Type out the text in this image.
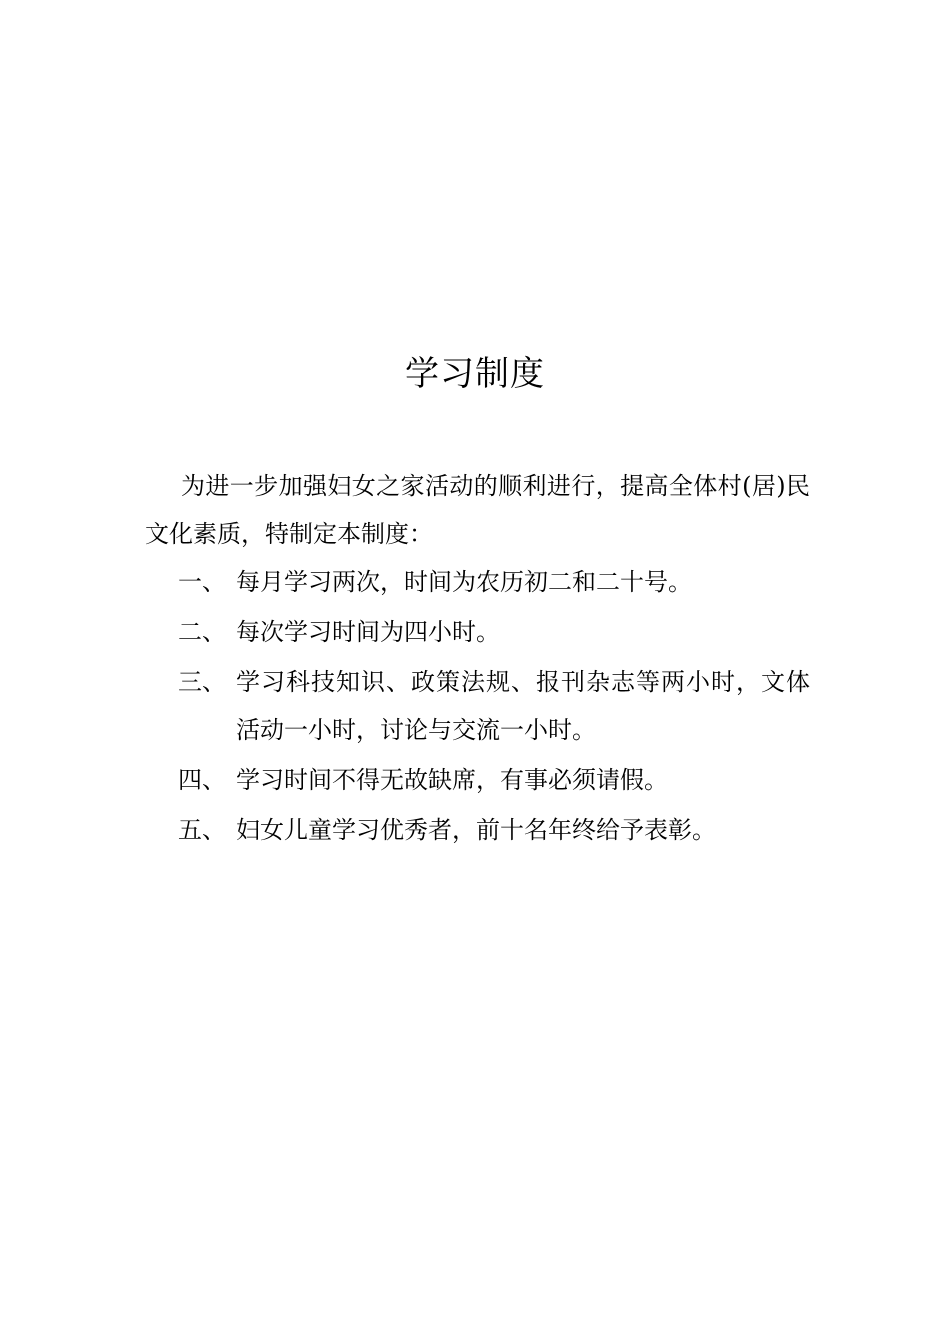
学习制度
为进一步加强妇女之家活动的顺利进行，提高全体村(居)民文化素质，特制定本制度：
一、 每月学习两次，时间为农历初二和二十号。
二、 每次学习时间为四小时。
三、 学习科技知识、政策法规、报刊杂志等两小时，文体活动一小时，讨论与交流一小时。
四、 学习时间不得无故缺席，有事必须请假。
五、 妇女儿童学习优秀者，前十名年终给予表彰。
